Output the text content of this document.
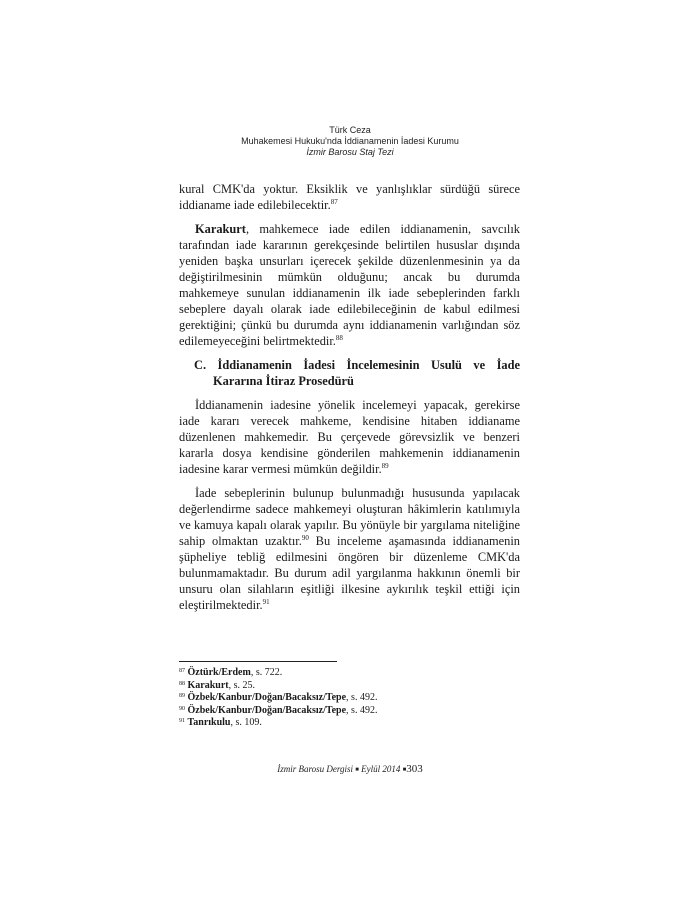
Türk Ceza
Muhakemesi Hukuku'nda İddianamenin İadesi Kurumu
İzmir Barosu Staj Tezi

kural CMK'da yoktur. Eksiklik ve yanlışlıklar sürdüğü sürece iddianame iade edilebilecektir.$^{87}$

Karakurt, mahkemece iade edilen iddianamenin, savcılık tarafından iade kararının gerekçesinde belirtilen hususlar dışında yeniden başka unsurları içerecek şekilde düzenlenmesinin ya da değiştirilmesinin mümkün olduğunu; ancak bu durumda mahkemeye sunulan iddianamenin ilk iade sebeplerinden farklı sebeplere dayalı olarak iade edilebileceğinin de kabul edilmesi gerektiğini; çünkü bu durumda aynı iddianamenin varlığından söz edilemeyeceğini belirtmektedir.$^{88}$

C. İddianamenin İadesi İncelemesinin Usulü ve İade Kararına İtiraz Prosedürü

İddianamenin iadesine yönelik incelemeyi yapacak, gerekirse iade kararı verecek mahkeme, kendisine hitaben iddianame düzenlenen mahkemedir. Bu çerçevede görevsizlik ve benzeri kararla dosya kendisine gönderilen mahkemenin iddianamenin iadesine karar vermesi mümkün değildir.$^{89}$

İade sebeplerinin bulunup bulunmadığı hususunda yapılacak değerlendirme sadece mahkemeyi oluşturan hâkimlerin katılımıyla ve kamuya kapalı olarak yapılır. Bu yönüyle bir yargılama niteliğine sahip olmaktan uzaktır.$^{90}$ Bu inceleme aşamasında iddianamenin şüpheliye tebliğ edilmesini öngören bir düzenleme CMK'da bulunmamaktadır. Bu durum adil yargılanma hakkının önemli bir unsuru olan silahların eşitliği ilkesine aykırılık teşkil ettiği için eleştirilmektedir.$^{91}$

$^{87}$ Öztürk/Erdem, s. 722.
$^{88}$ Karakurt, s. 25.
$^{89}$ Özbek/Kanbur/Doğan/Bacaksız/Tepe, s. 492.
$^{90}$ Özbek/Kanbur/Doğan/Bacaksız/Tepe, s. 492.
$^{91}$ Tanrıkulu, s. 109.
İzmir Barosu Dergisi ■ Eylül 2014 ■303
